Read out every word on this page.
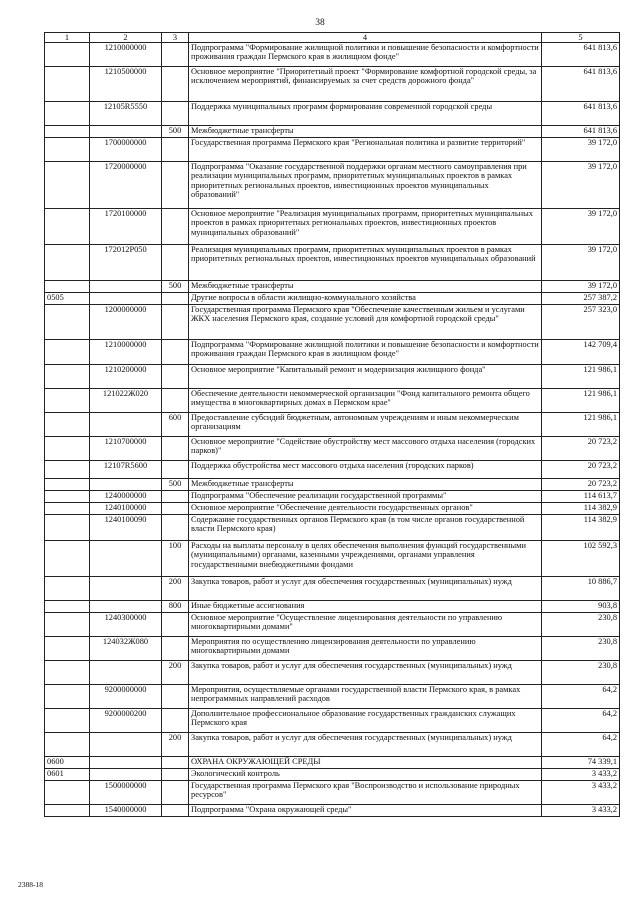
38
1	2	3	4	5
	1210000000		Подпрограмма "Формирование жилищной политики и повышение безопасности и комфортности проживания граждан Пермского края в жилищном фонде"	641 813,6
	1210500000		Основное мероприятие "Приоритетный проект "Формирование комфортной городской среды, за исключением мероприятий, финансируемых за счет средств дорожного фонда"	641 813,6
	12105R5550		Поддержка муниципальных программ формирования современной городской среды	641 813,6
		500	Межбюджетные трансферты	641 813,6
	1700000000		Государственная программа Пермского края "Региональная политика и развитие территорий"	39 172,0
	1720000000		Подпрограмма "Оказание государственной поддержки органам местного самоуправления при реализации муниципальных программ, приоритетных муниципальных проектов в рамках приоритетных региональных проектов, инвестиционных проектов муниципальных образований"	39 172,0
	1720100000		Основное мероприятие "Реализация муниципальных программ, приоритетных муниципальных проектов в рамках приоритетных региональных проектов, инвестиционных проектов муниципальных образований"	39 172,0
	172012Р050		Реализация муниципальных программ, приоритетных муниципальных проектов в рамках приоритетных региональных проектов, инвестиционных проектов муниципальных образований	39 172,0
		500	Межбюджетные трансферты	39 172,0
0505			Другие вопросы в области жилищно-коммунального хозяйства	257 387,2
	1200000000		Государственная программа Пермского края "Обеспечение качественным жильем и услугами ЖКХ населения Пермского края, создание условий для комфортной городской среды"	257 323,0
	1210000000		Подпрограмма "Формирование жилищной политики и повышение безопасности и комфортности проживания граждан Пермского края в жилищном фонде"	142 709,4
	1210200000		Основное мероприятие "Капитальный ремонт и модернизация жилищного фонда"	121 986,1
	121022Ж020		Обеспечение деятельности некоммерческой организации "Фонд капитального ремонта общего имущества в многоквартирных домах в Пермском крае"	121 986,1
		600	Предоставление субсидий бюджетным, автономным учреждениям и иным некоммерческим организациям	121 986,1
	1210700000		Основное мероприятие "Содействие обустройству мест массового отдыха населения (городских парков)"	20 723,2
	12107R5600		Поддержка обустройства мест массового отдыха населения (городских парков)	20 723,2
		500	Межбюджетные трансферты	20 723,2
	1240000000		Подпрограмма "Обеспечение реализации государственной программы"	114 613,7
	1240100000		Основное мероприятие "Обеспечение деятельности государственных органов"	114 382,9
	1240100090		Содержание государственных органов Пермского края (в том числе органов государственной власти Пермского края)	114 382,9
		100	Расходы на выплаты персоналу в целях обеспечения выполнения функций государственными (муниципальными) органами, казенными учреждениями, органами управления государственными внебюджетными фондами	102 592,3
		200	Закупка товаров, работ и услуг для обеспечения государственных (муниципальных) нужд	10 886,7
		800	Иные бюджетные ассигнования	903,8
	1240300000		Основное мероприятие "Осуществление лицензирования деятельности по управлению многоквартирными домами"	230,8
	124032Ж080		Мероприятия по осуществлению лицензирования деятельности по управлению многоквартирными домами	230,8
		200	Закупка товаров, работ и услуг для обеспечения государственных (муниципальных) нужд	230,8
	9200000000		Мероприятия, осуществляемые органами государственной власти Пермского края, в рамках непрограммных направлений расходов	64,2
	9200000200		Дополнительное профессиональное образование государственных гражданских служащих Пермского края	64,2
		200	Закупка товаров, работ и услуг для обеспечения государственных (муниципальных) нужд	64,2
0600			ОХРАНА ОКРУЖАЮЩЕЙ СРЕДЫ	74 339,1
0601			Экологический контроль	3 433,2
	1500000000		Государственная программа Пермского края "Воспроизводство и использование природных ресурсов"	3 433,2
	1540000000		Подпрограмма "Охрана окружающей среды"	3 433,2
2388-18
